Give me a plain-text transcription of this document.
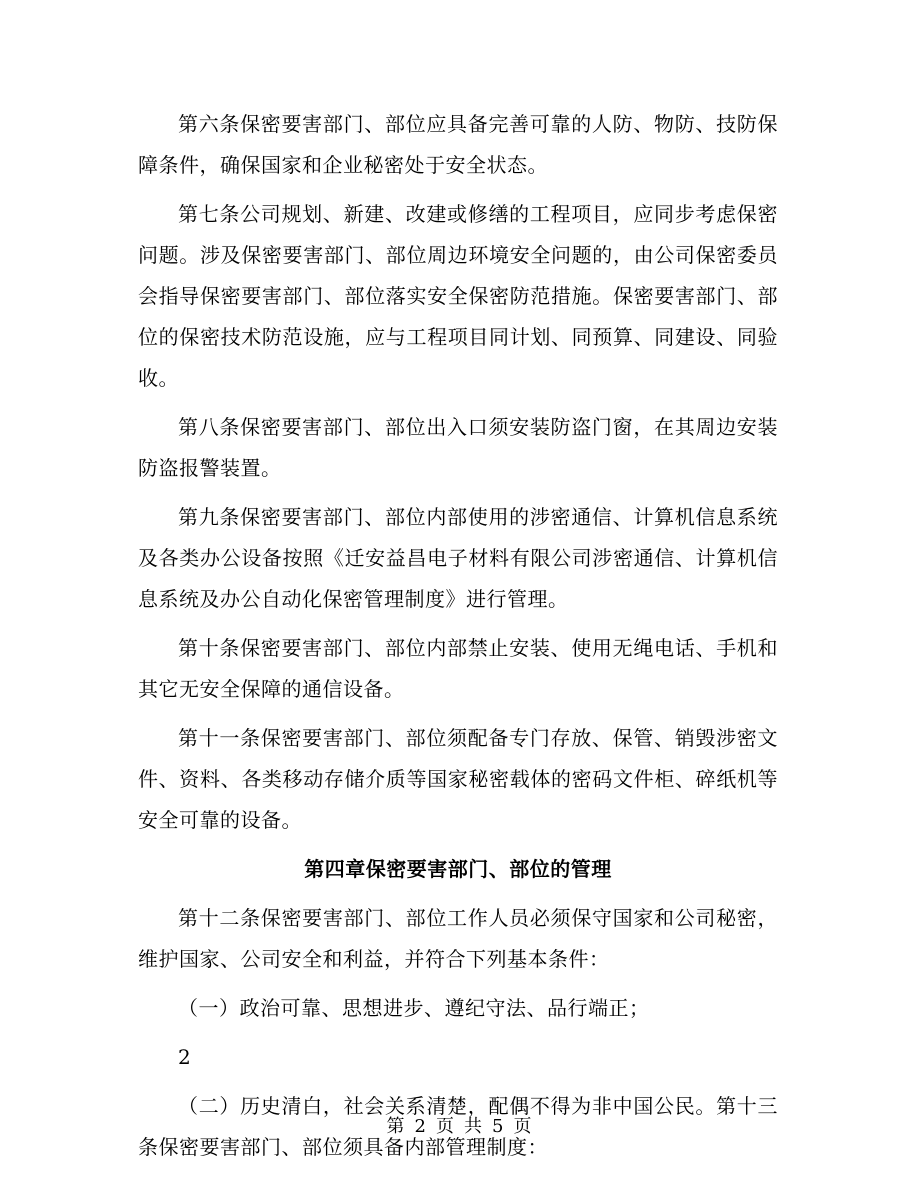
第六条保密要害部门、部位应具备完善可靠的人防、物防、技防保障条件，确保国家和企业秘密处于安全状态。

第七条公司规划、新建、改建或修缮的工程项目，应同步考虑保密问题。涉及保密要害部门、部位周边环境安全问题的，由公司保密委员会指导保密要害部门、部位落实安全保密防范措施。保密要害部门、部位的保密技术防范设施，应与工程项目同计划、同预算、同建设、同验收。

第八条保密要害部门、部位出入口须安装防盗门窗，在其周边安装防盗报警装置。

第九条保密要害部门、部位内部使用的涉密通信、计算机信息系统及各类办公设备按照《迁安益昌电子材料有限公司涉密通信、计算机信息系统及办公自动化保密管理制度》进行管理。

第十条保密要害部门、部位内部禁止安装、使用无绳电话、手机和其它无安全保障的通信设备。

第十一条保密要害部门、部位须配备专门存放、保管、销毁涉密文件、资料、各类移动存储介质等国家秘密载体的密码文件柜、碎纸机等安全可靠的设备。

第四章保密要害部门、部位的管理

第十二条保密要害部门、部位工作人员必须保守国家和公司秘密，维护国家、公司安全和利益，并符合下列基本条件：

（一）政治可靠、思想进步、遵纪守法、品行端正；

2

（二）历史清白，社会关系清楚，配偶不得为非中国公民。第十三条保密要害部门、部位须具备内部管理制度：

第 2 页 共 5 页
